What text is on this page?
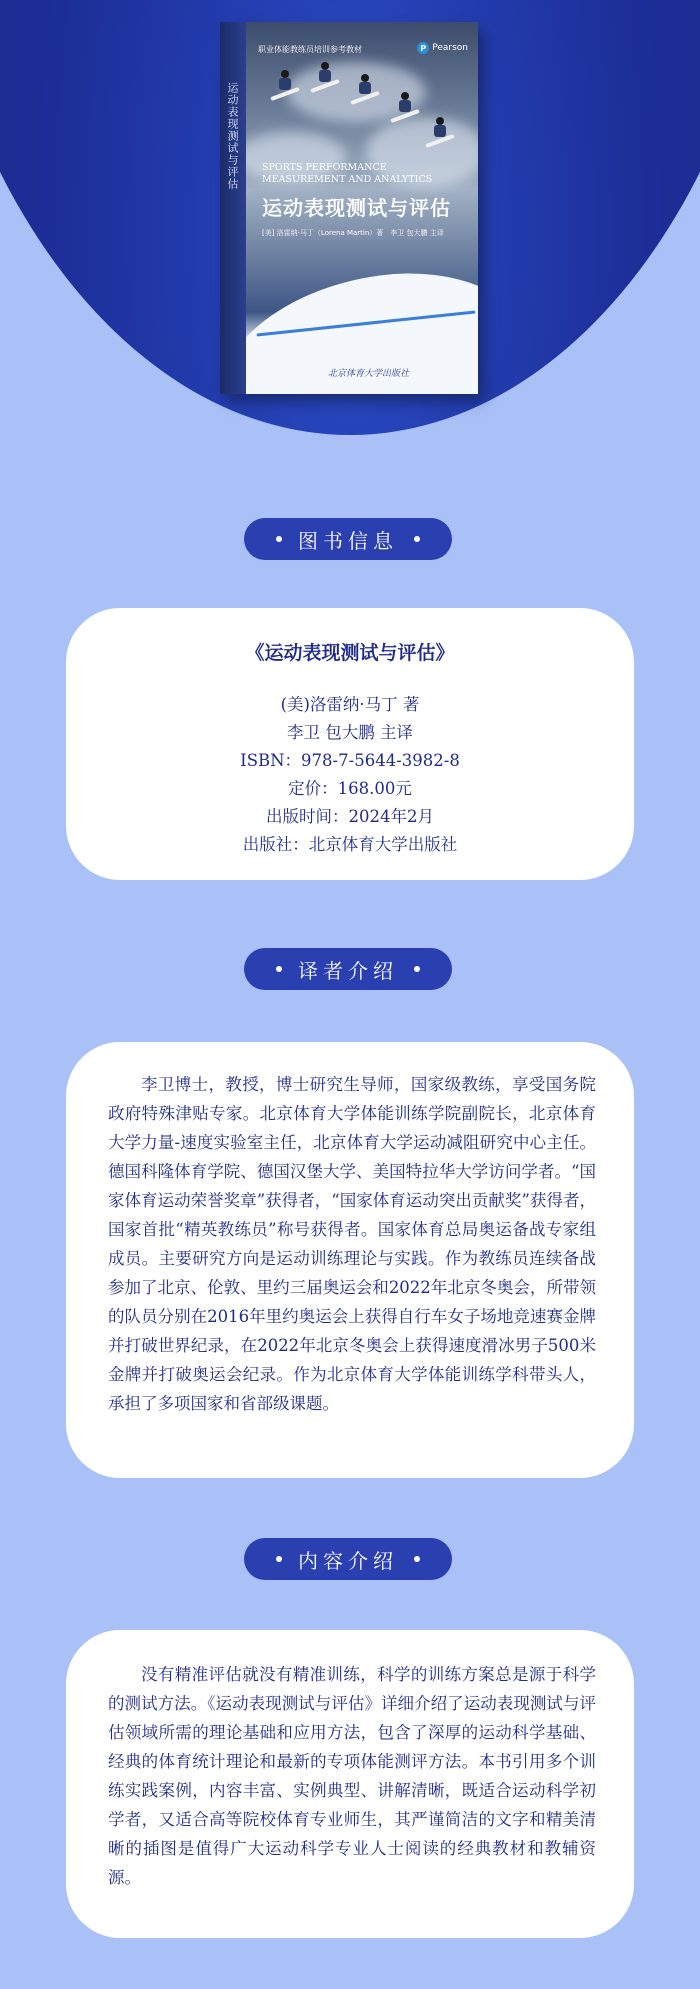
运动表现测试与评估
职业体能教练员培训参考教材	P Pearson
SPORTS PERFORMANCE
MEASUREMENT AND ANALYTICS
运动表现测试与评估
[美] 洛雷纳·马丁（Lorena Martin）著　李卫 包大鹏 主译
北京体育大学出版社
图书信息
《运动表现测试与评估》
(美)洛雷纳·马丁 著
李卫 包大鹏 主译
ISBN：978-7-5644-3982-8
定价：168.00元
出版时间：2024年2月
出版社：北京体育大学出版社
译者介绍

李卫博士，教授，博士研究生导师，国家级教练，享受国务院政府特殊津贴专家。北京体育大学体能训练学院副院长，北京体育大学力量-速度实验室主任，北京体育大学运动减阻研究中心主任。德国科隆体育学院、德国汉堡大学、美国特拉华大学访问学者。“国家体育运动荣誉奖章”获得者，“国家体育运动突出贡献奖”获得者，国家首批“精英教练员”称号获得者。国家体育总局奥运备战专家组成员。主要研究方向是运动训练理论与实践。作为教练员连续备战参加了北京、伦敦、里约三届奥运会和2022年北京冬奥会，所带领的队员分别在2016年里约奥运会上获得自行车女子场地竞速赛金牌并打破世界纪录，在2022年北京冬奥会上获得速度滑冰男子500米金牌并打破奥运会纪录。作为北京体育大学体能训练学科带头人，承担了多项国家和省部级课题。

内容介绍

没有精准评估就没有精准训练，科学的训练方案总是源于科学的测试方法。《运动表现测试与评估》详细介绍了运动表现测试与评估领域所需的理论基础和应用方法，包含了深厚的运动科学基础、经典的体育统计理论和最新的专项体能测评方法。本书引用多个训练实践案例，内容丰富、实例典型、讲解清晰，既适合运动科学初学者，又适合高等院校体育专业师生，其严谨简洁的文字和精美清晰的插图是值得广大运动科学专业人士阅读的经典教材和教辅资源。
